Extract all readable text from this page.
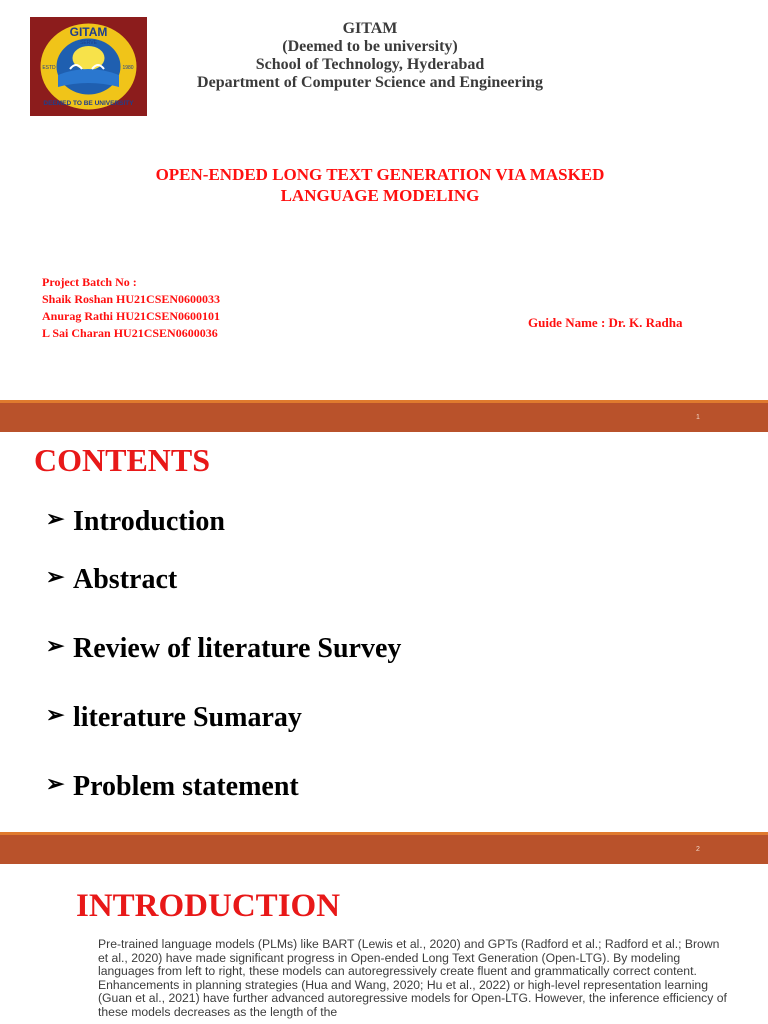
GITAM
SERVE
ESTD	1980
DEEMED TO BE UNIVERSITY
GITAM
(Deemed to be university)
School of Technology, Hyderabad
Department of Computer Science and Engineering
OPEN-ENDED LONG TEXT GENERATION VIA MASKED
LANGUAGE MODELING
Project Batch No :
Shaik Roshan HU21CSEN0600033
Anurag Rathi HU21CSEN0600101
L Sai Charan HU21CSEN0600036
Guide Name : Dr. K. Radha
1
CONTENTS
➢ Introduction
➢ Abstract
➢ Review of literature Survey
➢ literature Sumaray
➢ Problem statement
2
INTRODUCTION
Pre-trained language models (PLMs) like BART (Lewis et al., 2020) and GPTs (Radford et al.; Radford et al.; Brown et al., 2020) have made significant progress in Open-ended Long Text Generation (Open-LTG). By modeling languages from left to right, these models can autoregressively create fluent and grammatically correct content. Enhancements in planning strategies (Hua and Wang, 2020; Hu et al., 2022) or high-level representation learning (Guan et al., 2021) have further advanced autoregressive models for Open-LTG. However, the inference efficiency of these models decreases as the length of the
